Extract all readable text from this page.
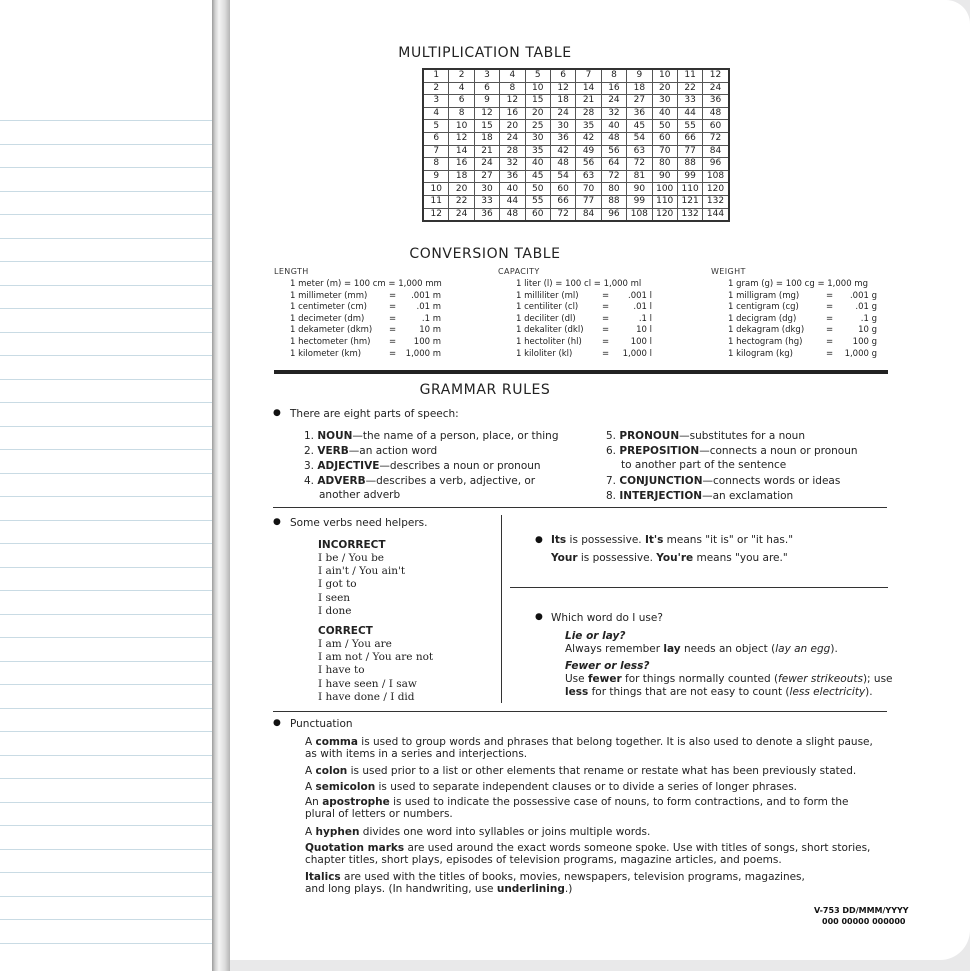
MULTIPLICATION TABLE
1	2	3	4	5	6	7	8	9	10	11	12
2	4	6	8	10	12	14	16	18	20	22	24
3	6	9	12	15	18	21	24	27	30	33	36
4	8	12	16	20	24	28	32	36	40	44	48
5	10	15	20	25	30	35	40	45	50	55	60
6	12	18	24	30	36	42	48	54	60	66	72
7	14	21	28	35	42	49	56	63	70	77	84
8	16	24	32	40	48	56	64	72	80	88	96
9	18	27	36	45	54	63	72	81	90	99	108
10	20	30	40	50	60	70	80	90	100	110	120
11	22	33	44	55	66	77	88	99	110	121	132
12	24	36	48	60	72	84	96	108	120	132	144
CONVERSION TABLE
LENGTH
1 meter (m) = 100 cm = 1,000 mm
1 millimeter (mm)	=	.001 m
1 centimeter (cm)	=	.01 m
1 decimeter (dm)	=	.1 m
1 dekameter (dkm) =	10 m
1 hectometer (hm) =	100 m
1 kilometer (km)	=	1,000 m
CAPACITY
1 liter (l) = 100 cl = 1,000 ml
1 milliliter (ml)	=	.001 l
1 centiliter (cl)	=	.01 l
1 deciliter (dl)	=	.1 l
1 dekaliter (dkl) =	10 l
1 hectoliter (hl) =	100 l
1 kiloliter (kl)	=	1,000 l
WEIGHT
1 gram (g) = 100 cg = 1,000 mg
1 milligram (mg)	=	.001 g
1 centigram (cg)	=	.01 g
1 decigram (dg)	=	.1 g
1 dekagram (dkg)	=	10 g
1 hectogram (hg)	=	100 g
1 kilogram (kg)	=	1,000 g
GRAMMAR RULES
● There are eight parts of speech:
1. NOUN—the name of a person, place, or thing
2. VERB—an action word
3. ADJECTIVE—describes a noun or pronoun
4. ADVERB—describes a verb, adjective, or
another adverb
5. PRONOUN—substitutes for a noun
6. PREPOSITION—connects a noun or pronoun
to another part of the sentence
7. CONJUNCTION—connects words or ideas
8. INTERJECTION—an exclamation
● Some verbs need helpers.
INCORRECT
I be / You be
I ain't / You ain't
I got to
I seen
I done
CORRECT
I am / You are
I am not / You are not
I have to
I have seen / I saw
I have done / I did
● Its is possessive. It's means "it is" or "it has."
Your is possessive. You're means "you are."
● Which word do I use?
Lie or lay?
Always remember lay needs an object (lay an egg).
Fewer or less?
Use fewer for things normally counted (fewer strikeouts); use
less for things that are not easy to count (less electricity).
● Punctuation
A comma is used to group words and phrases that belong together. It is also used to denote a slight pause,
as with items in a series and interjections.
A colon is used prior to a list or other elements that rename or restate what has been previously stated.
A semicolon is used to separate independent clauses or to divide a series of longer phrases.
An apostrophe is used to indicate the possessive case of nouns, to form contractions, and to form the
plural of letters or numbers.
A hyphen divides one word into syllables or joins multiple words.
Quotation marks are used around the exact words someone spoke. Use with titles of songs, short stories,
chapter titles, short plays, episodes of television programs, magazine articles, and poems.
Italics are used with the titles of books, movies, newspapers, television programs, magazines,
and long plays. (In handwriting, use underlining.)
V-753 DD/MMM/YYYY
000 00000 000000
